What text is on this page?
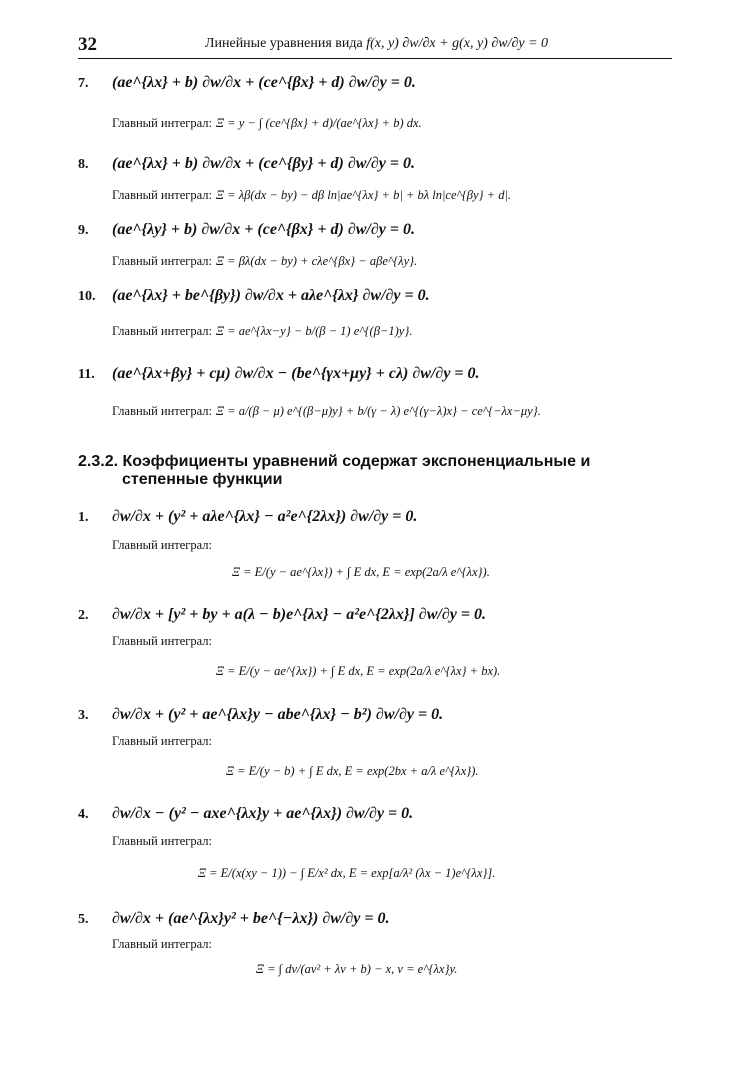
32	Линейные уравнения вида f(x, y) ∂w/∂x + g(x, y) ∂w/∂y = 0
7. (ae^{λx} + b) ∂w/∂x + (ce^{βx} + d) ∂w/∂y = 0.
Главный интеграл: Ξ = y − ∫ (ce^{βx} + d)/(ae^{λx} + b) dx.
8. (ae^{λx} + b) ∂w/∂x + (ce^{βy} + d) ∂w/∂y = 0.
Главный интеграл: Ξ = λβ(dx − by) − dβ ln|ae^{λx} + b| + bλ ln|ce^{βy} + d|.
9. (ae^{λy} + b) ∂w/∂x + (ce^{βx} + d) ∂w/∂y = 0.
Главный интеграл: Ξ = βλ(dx − by) + cλe^{βx} − aβe^{λy}.
10. (ae^{λx} + be^{βy}) ∂w/∂x + aλe^{λx} ∂w/∂y = 0.
Главный интеграл: Ξ = ae^{λx−y} − b/(β − 1) e^{(β−1)y}.
11. (ae^{λx+βy} + cμ) ∂w/∂x − (be^{γx+μy} + cλ) ∂w/∂y = 0.
Главный интеграл: Ξ = a/(β − μ) e^{(β−μ)y} + b/(γ − λ) e^{(γ−λ)x} − ce^{−λx−μy}.
2.3.2. Коэффициенты уравнений содержат экспоненциальные и
степенные функции
1. ∂w/∂x + (y² + aλe^{λx} − a²e^{2λx}) ∂w/∂y = 0.
Главный интеграл:
Ξ = E/(y − ae^{λx}) + ∫ E dx, E = exp(2a/λ e^{λx}).
2. ∂w/∂x + [y² + by + a(λ − b)e^{λx} − a²e^{2λx}] ∂w/∂y = 0.
Главный интеграл:
Ξ = E/(y − ae^{λx}) + ∫ E dx, E = exp(2a/λ e^{λx} + bx).
3. ∂w/∂x + (y² + ae^{λx}y − abe^{λx} − b²) ∂w/∂y = 0.
Главный интеграл:
Ξ = E/(y − b) + ∫ E dx, E = exp(2bx + a/λ e^{λx}).
4. ∂w/∂x − (y² − axe^{λx}y + ae^{λx}) ∂w/∂y = 0.
Главный интеграл:
Ξ = E/(x(xy − 1)) − ∫ E/x² dx, E = exp[a/λ² (λx − 1)e^{λx}].
5. ∂w/∂x + (ae^{λx}y² + be^{−λx}) ∂w/∂y = 0.
Главный интеграл:
Ξ = ∫ dv/(av² + λv + b) − x, v = e^{λx}y.
